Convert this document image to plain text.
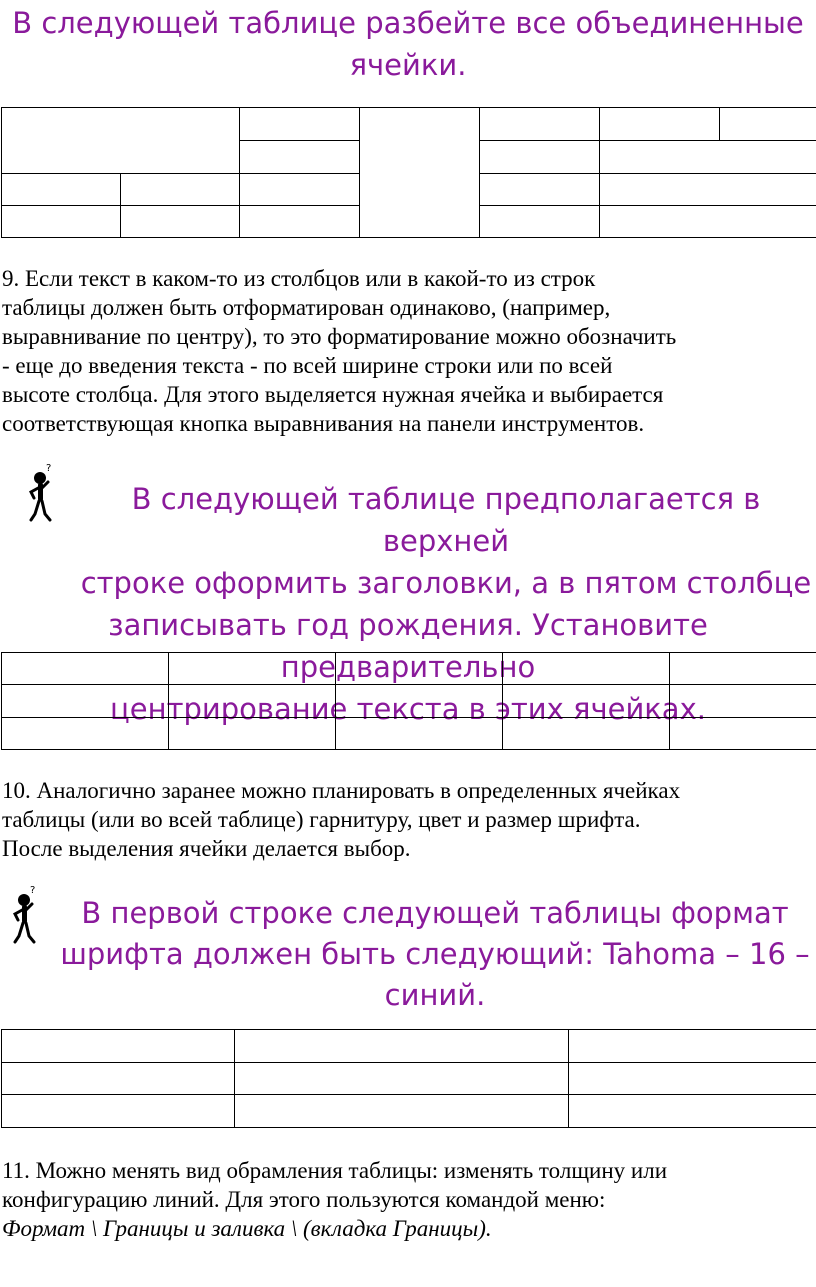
В следующей таблице разбейте все объединенные
ячейки.

9. Если текст в каком-то из столбцов или в какой-то из строк
таблицы должен быть отформатирован одинаково, (например,
выравнивание по центру), то это форматирование можно обозначить
- еще до введения текста - по всей ширине строки или по всей
высоте столбца. Для этого выделяется нужная ячейка и выбирается
соответствующая кнопка выравнивания на панели инструментов.
?
В следующей таблице предполагается в верхней
строке оформить заголовки, а в пятом столбце
записывать год рождения. Установите предварительно
центрирование текста в этих ячейках.

10. Аналогично заранее можно планировать в определенных ячейках
таблицы (или во всей таблице) гарнитуру, цвет и размер шрифта.
После выделения ячейки делается выбор.
?
В первой строке следующей таблицы формат
шрифта должен быть следующий: Tahoma – 16 –
синий.

11. Можно менять вид обрамления таблицы: изменять толщину или
конфигурацию линий. Для этого пользуются командой меню:
Формат \ Границы и заливка \ (вкладка Границы).
